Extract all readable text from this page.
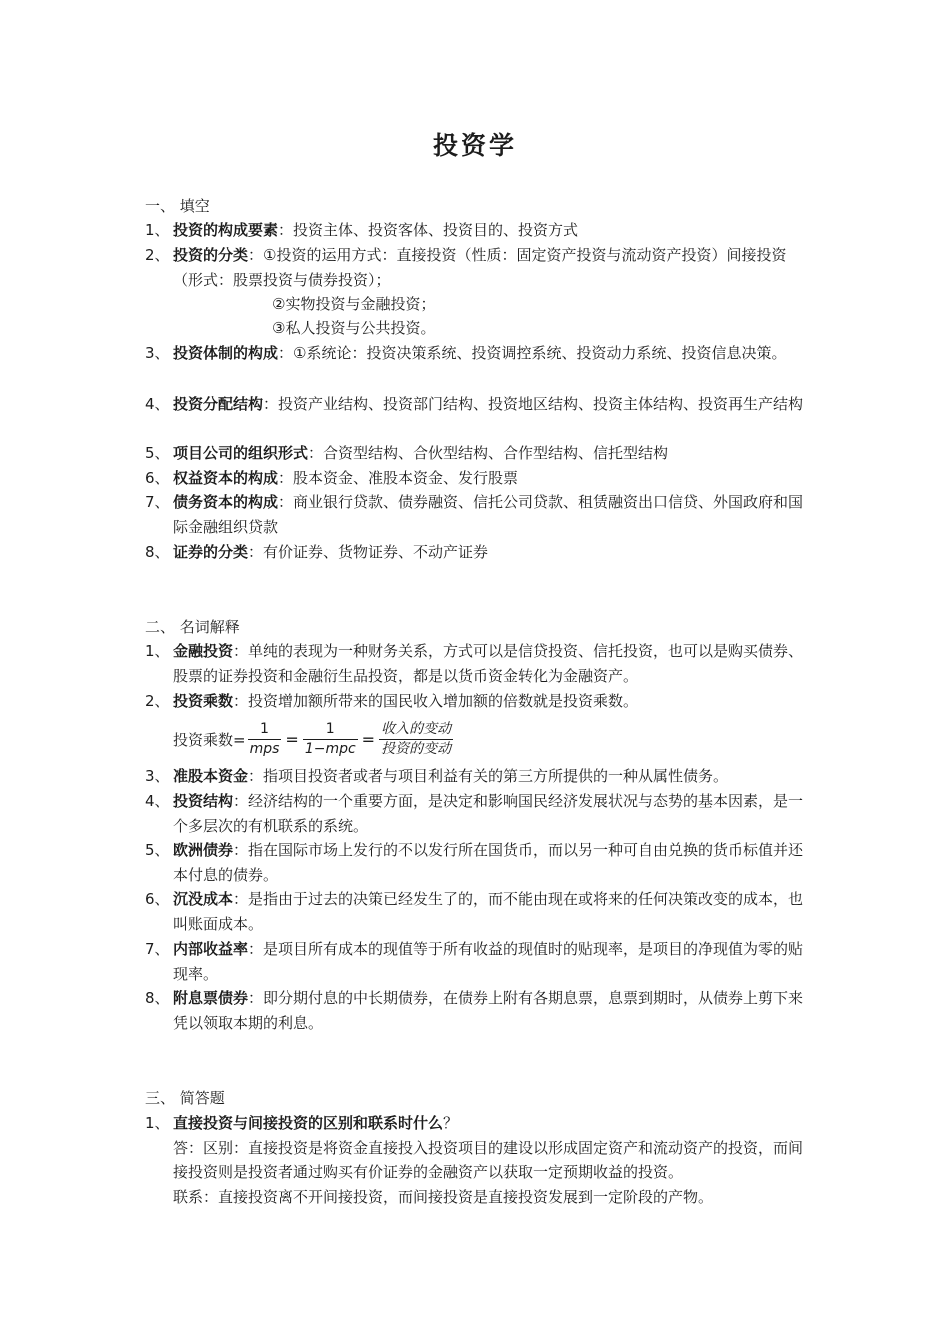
投资学
一、 填空
1、 投资的构成要素：投资主体、投资客体、投资目的、投资方式
2、 投资的分类：①投资的运用方式：直接投资（性质：固定资产投资与流动资产投资）间接投资（形式：股票投资与债券投资）；
②实物投资与金融投资；
③私人投资与公共投资。
3、 投资体制的构成：①系统论：投资决策系统、投资调控系统、投资动力系统、投资信息决策。
4、 投资分配结构：投资产业结构、投资部门结构、投资地区结构、投资主体结构、投资再生产结构
5、 项目公司的组织形式：合资型结构、合伙型结构、合作型结构、信托型结构
6、 权益资本的构成：股本资金、准股本资金、发行股票
7、 债务资本的构成：商业银行贷款、债券融资、信托公司贷款、租赁融资出口信贷、外国政府和国际金融组织贷款
8、 证券的分类：有价证券、货物证券、不动产证券
二、 名词解释
1、 金融投资：单纯的表现为一种财务关系，方式可以是信贷投资、信托投资，也可以是购买债券、股票的证券投资和金融衍生品投资，都是以货币资金转化为金融资产。
2、 投资乘数：投资增加额所带来的国民收入增加额的倍数就是投资乘数。
投资乘数= $\frac{1}{\text{mps}} = \frac{1}{\text{1−mpc}} = \frac{\text{收入的变动}}{\text{投资的变动}}$
3、 准股本资金：指项目投资者或者与项目利益有关的第三方所提供的一种从属性债务。
4、 投资结构：经济结构的一个重要方面，是决定和影响国民经济发展状况与态势的基本因素，是一个多层次的有机联系的系统。
5、 欧洲债券：指在国际市场上发行的不以发行所在国货币，而以另一种可自由兑换的货币标值并还本付息的债券。
6、 沉没成本：是指由于过去的决策已经发生了的，而不能由现在或将来的任何决策改变的成本，也叫账面成本。
7、 内部收益率：是项目所有成本的现值等于所有收益的现值时的贴现率，是项目的净现值为零的贴现率。
8、 附息票债券：即分期付息的中长期债券，在债券上附有各期息票，息票到期时，从债券上剪下来凭以领取本期的利息。
三、 简答题
1、 直接投资与间接投资的区别和联系时什么？
答：区别：直接投资是将资金直接投入投资项目的建设以形成固定资产和流动资产的投资，而间接投资则是投资者通过购买有价证券的金融资产以获取一定预期收益的投资。
联系：直接投资离不开间接投资，而间接投资是直接投资发展到一定阶段的产物。
